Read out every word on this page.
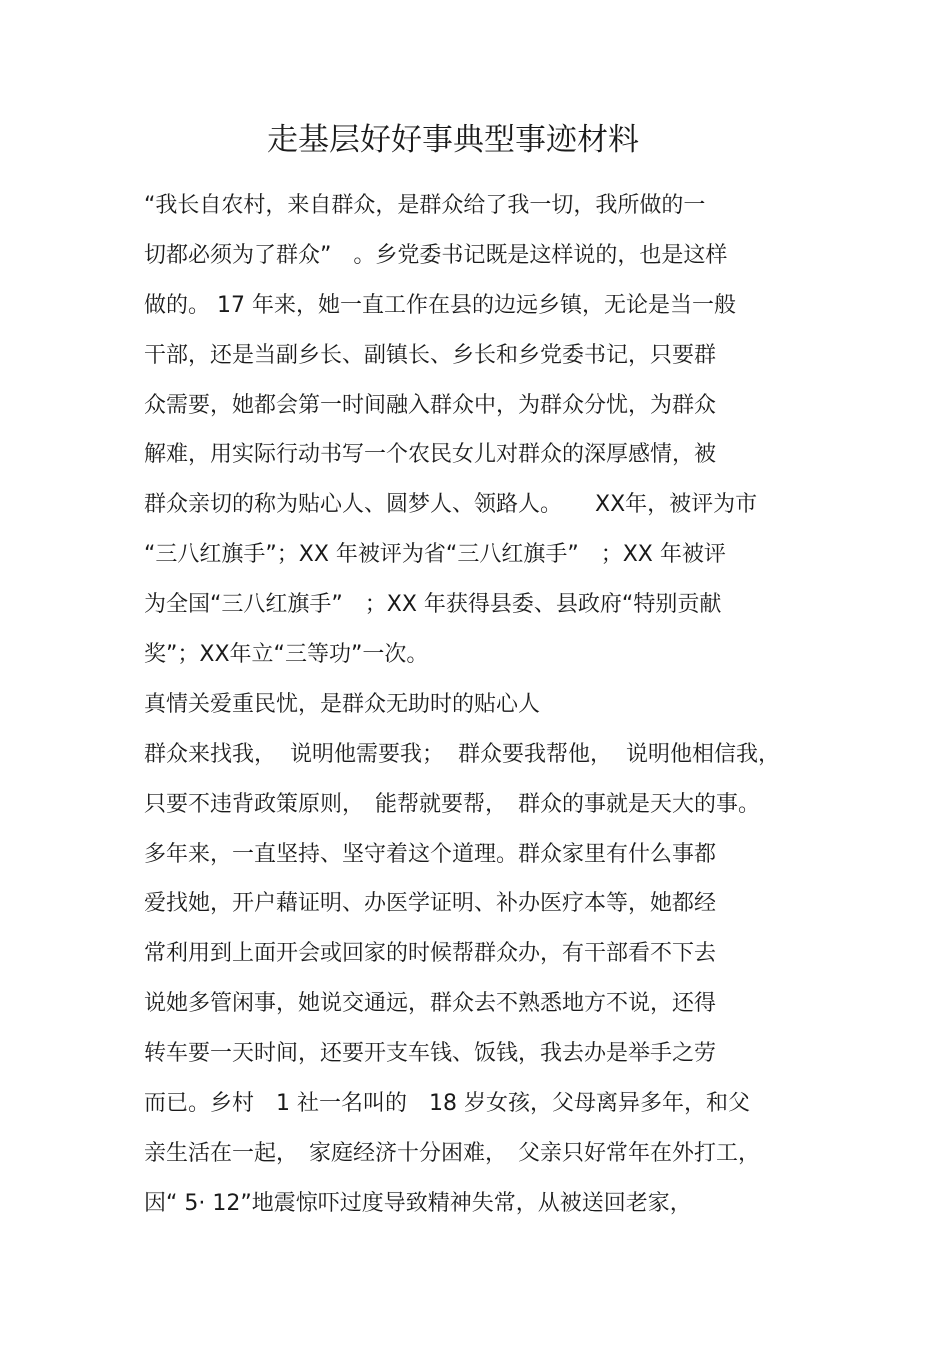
走基层好好事典型事迹材料
“我长自农村，来自群众，是群众给了我一切，我所做的一
切都必须为了群众”　。乡党委书记既是这样说的，也是这样
做的。 17 年来，她一直工作在县的边远乡镇，无论是当一般
干部，还是当副乡长、副镇长、乡长和乡党委书记，只要群
众需要，她都会第一时间融入群众中，为群众分忧，为群众
解难，用实际行动书写一个农民女儿对群众的深厚感情，被
群众亲切的称为贴心人、圆梦人、领路人。　　XX年，被评为市
“三八红旗手”；XX 年被评为省“三八红旗手”　；XX 年被评
为全国“三八红旗手”　；XX 年获得县委、县政府“特别贡献
奖”；XX年立“三等功”一次。
真情关爱重民忧，是群众无助时的贴心人
群众来找我，  说明他需要我；  群众要我帮他，  说明他相信我，
只要不违背政策原则，　能帮就要帮，　群众的事就是天大的事。
多年来，一直坚持、坚守着这个道理。群众家里有什么事都
爱找她，开户藉证明、办医学证明、补办医疗本等，她都经
常利用到上面开会或回家的时候帮群众办，有干部看不下去
说她多管闲事，她说交通远，群众去不熟悉地方不说，还得
转车要一天时间，还要开支车钱、饭钱，我去办是举手之劳
而已。乡村　1 社一名叫的　18 岁女孩，父母离异多年，和父
亲生活在一起，　家庭经济十分困难，　父亲只好常年在外打工，
因“ 5· 12”地震惊吓过度导致精神失常，从被送回老家，
